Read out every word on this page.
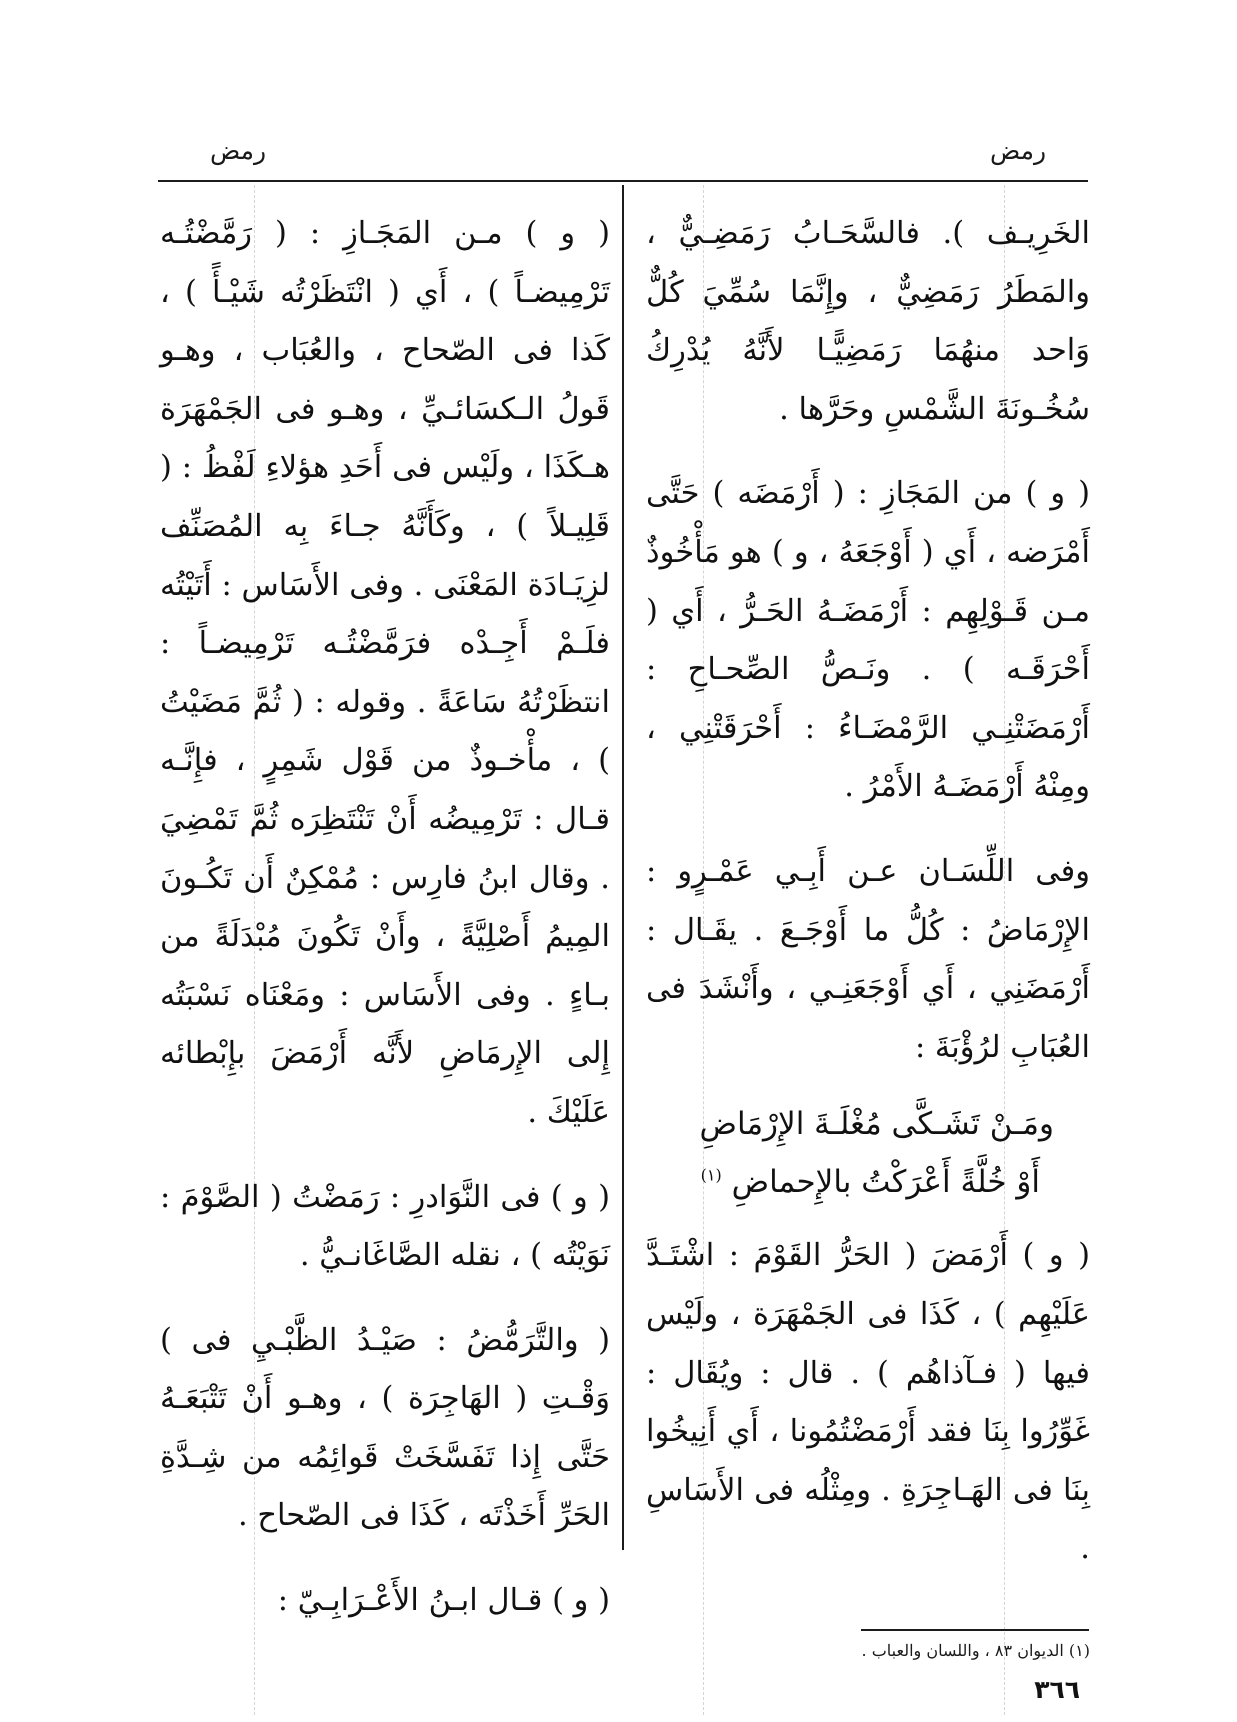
رمض
رمض

الخَرِيـف ). فالسَّحَـابُ رَمَضِـيٌّ ، والمَطَرُ رَمَضِيٌّ ، وإِنَّمَا سُمِّيَ كُلٌّ وَاحد منهُمَا رَمَضِيًّـا لأَنَّهُ يُدْرِكُ سُخُـونَةَ الشَّمْسِ وحَرَّها .

( و ) من المَجَازِ : ( أَرْمَضَه ) حَتَّى أَمْرَضه ، أَي ( أَوْجَعَهُ ، و ) هو مَأْخُوذٌ مـن قَـوْلِهِم : أَرْمَضَـهُ الحَـرُّ ، أَي ( أَحْرَقَـه ) . ونَـصُّ الصِّحـاحِ : أَرْمَضَتْنِـي الرَّمْضَـاءُ : أَحْرَقَتْنِي ، ومِنْهُ أَرْمَضَـهُ الأَمْرُ .

وفى اللِّسَـان عـن أَبِـي عَمْـرٍو : الإِرْمَاضُ : كُلُّ ما أَوْجَـعَ . يقَـال : أَرْمَضَنِي ، أَي أَوْجَعَنِـي ، وأَنْشَدَ فى العُبَابِ لرُؤْبَةَ :

ومَـنْ تَشَـكَّى مُغْلَـةَ الإِرْمَاضِ
أَوْ خُلَّةً أَعْرَكْتُ بالإِحماضِ $^{(١)}$

( و ) أَرْمَضَ ( الحَرُّ القَوْمَ : اشْتَـدَّ عَلَيْهِم ) ، كَذَا فى الجَمْهَرَة ، ولَيْس فيها ( فـآذاهُم ) . قال : ويُقَال : غَوِّرُوا بِنَا فقد أَرْمَضْتُمُونا ، أَي أَنِيخُوا بِنَا فى الهَـاجِرَةِ . ومِثْلُه فى الأَسَاسِ .

( و ) مـن المَجَـازِ : ( رَمَّضْتُـه تَرْمِيضـاً ) ، أَي ( انْتَظَرْتُه شَيْـأً ) ، كَذا فى الصّحاح ، والعُبَاب ، وهـو قَولُ الـكسَائـيِّ ، وهـو فى الجَمْهَرَة هـكَذَا ، ولَيْس فى أَحَدِ هؤلاءِ لَفْظُ : ( قَلِيـلاً ) ، وكَأَنَّهُ جـاءَ بِه المُصَنِّف لزِيَـادَة المَعْنَى . وفى الأَسَاس : أَتَيْتُه فلَـمْ أَجِـدْه فرَمَّضْتُـه تَرْمِيضـاً : انتظَرْتُهُ سَاعَةً . وقوله : ( ثُمَّ مَضَيْتُ ) ، مأْخـوذٌ من قَوْل شَمِرٍ ، فإِنَّـه قـال : تَرْمِيضُه أَنْ تَنْتَظِرَه ثُمَّ تَمْضِيَ . وقال ابنُ فارِس : مُمْكِنٌ أَن تَكُـونَ المِيمُ أَصْلِيَّةً ، وأَنْ تَكُونَ مُبْدَلَةً من بـاءٍ . وفى الأَسَاس : ومَعْنَاه نَسْبَتُه إِلى الإِرمَاضِ لأَنَّه أَرْمَضَ بإِبْطائه عَلَيْكَ .

( و ) فى النَّوَادرِ : رَمَضْتُ ( الصَّوْمَ : نَوَيْتُه ) ، نقله الصَّاغَانـيُّ .

( والتَّرَمُّضُ : صَيْـدُ الظَّبْـيِ فى ) وَقْـتِ ( الهَاجِرَة ) ، وهـو أَنْ تَتْبَعَـهُ حَتَّى إِذا تَفَسَّخَتْ قَوائِمُه من شِـدَّةِ الحَرِّ أَخَذْتَه ، كَذَا فى الصّحاح .

( و ) قـال ابـنُ الأَعْـرَابِـيّ :

(١) الديوان ٨٣ ، واللسان والعباب .
٣٦٦
